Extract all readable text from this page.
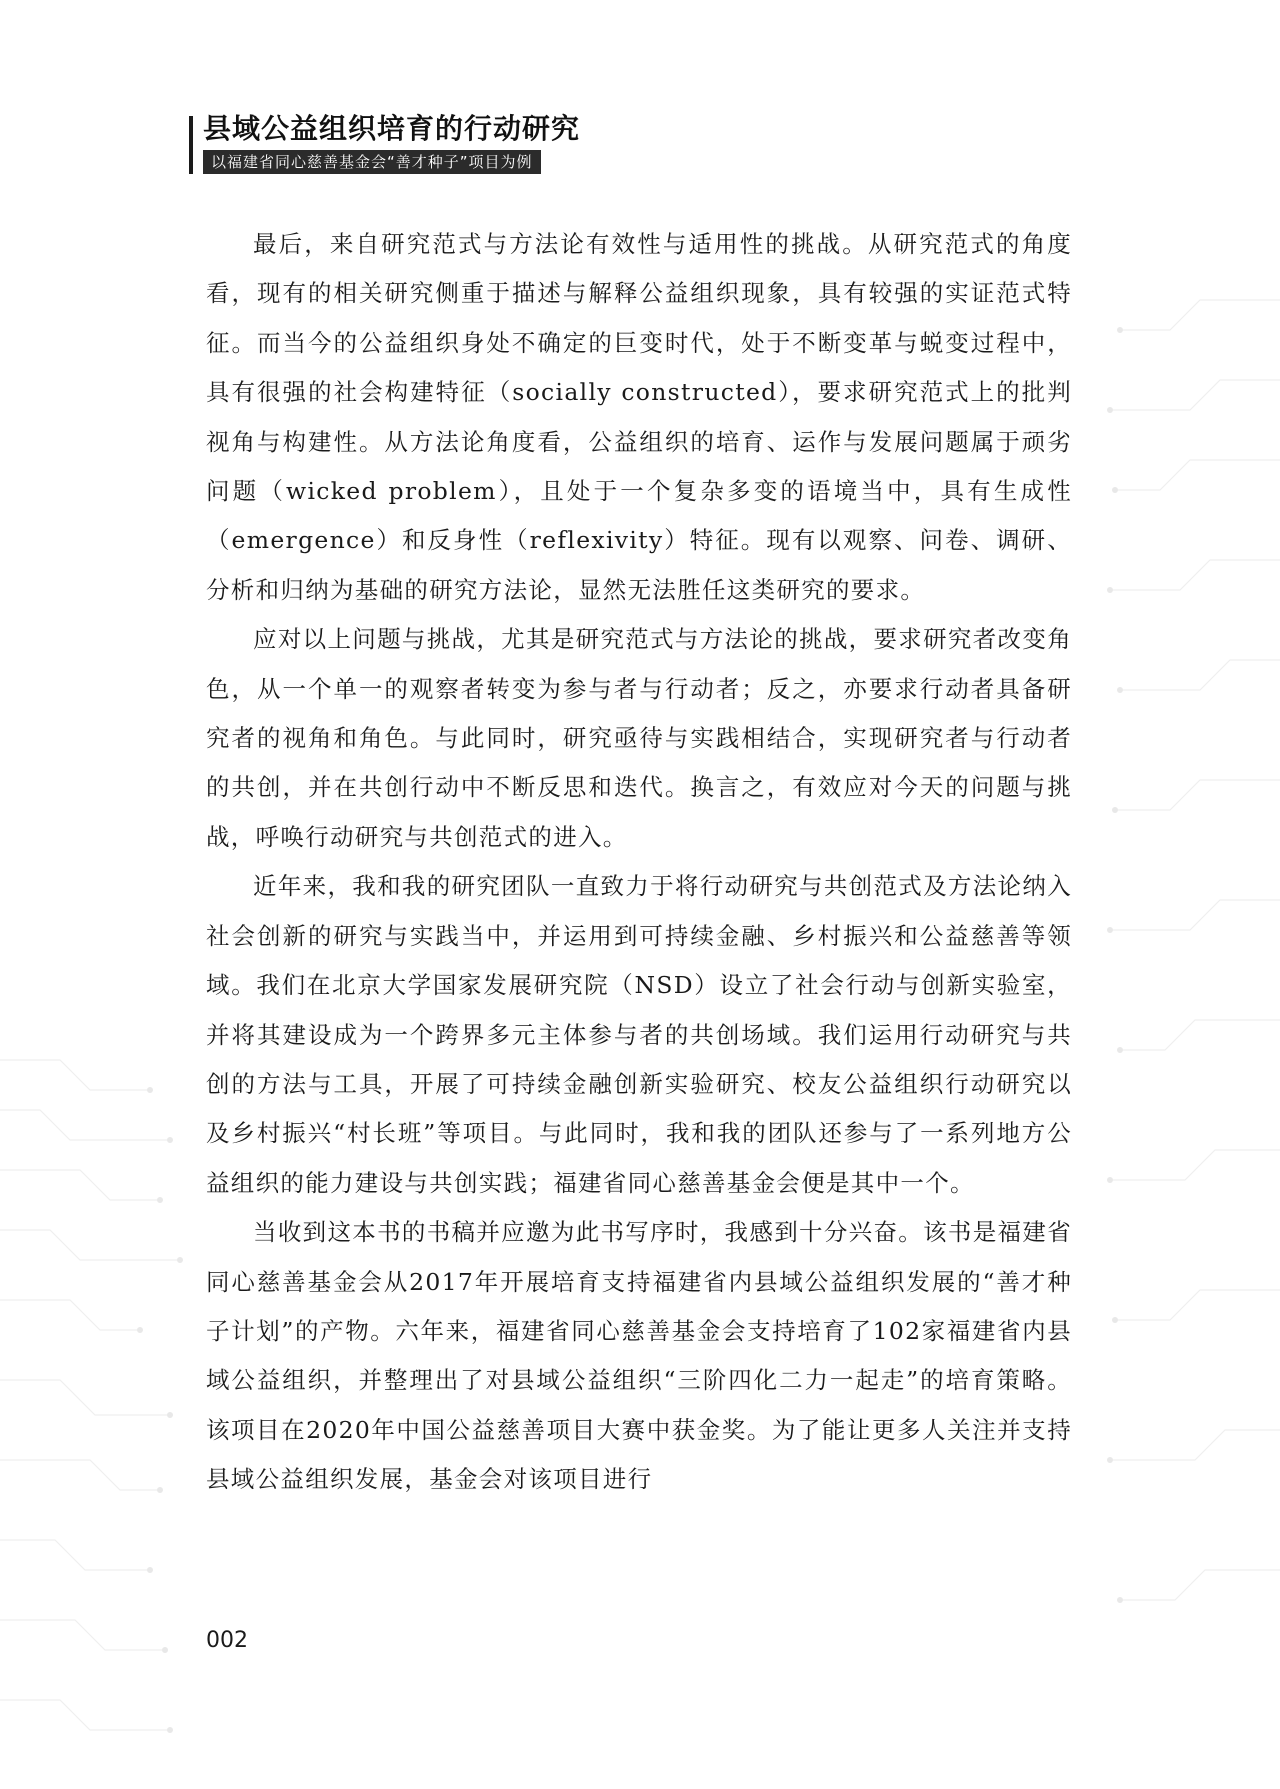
县域公益组织培育的行动研究
以福建省同心慈善基金会“善才种子”项目为例

最后，来自研究范式与方法论有效性与适用性的挑战。从研究范式的角度看，现有的相关研究侧重于描述与解释公益组织现象，具有较强的实证范式特征。而当今的公益组织身处不确定的巨变时代，处于不断变革与蜕变过程中，具有很强的社会构建特征（socially constructed），要求研究范式上的批判视角与构建性。从方法论角度看，公益组织的培育、运作与发展问题属于顽劣问题（wicked problem），且处于一个复杂多变的语境当中，具有生成性（emergence）和反身性（reflexivity）特征。现有以观察、问卷、调研、分析和归纳为基础的研究方法论，显然无法胜任这类研究的要求。

应对以上问题与挑战，尤其是研究范式与方法论的挑战，要求研究者改变角色，从一个单一的观察者转变为参与者与行动者；反之，亦要求行动者具备研究者的视角和角色。与此同时，研究亟待与实践相结合，实现研究者与行动者的共创，并在共创行动中不断反思和迭代。换言之，有效应对今天的问题与挑战，呼唤行动研究与共创范式的进入。

近年来，我和我的研究团队一直致力于将行动研究与共创范式及方法论纳入社会创新的研究与实践当中，并运用到可持续金融、乡村振兴和公益慈善等领域。我们在北京大学国家发展研究院（NSD）设立了社会行动与创新实验室，并将其建设成为一个跨界多元主体参与者的共创场域。我们运用行动研究与共创的方法与工具，开展了可持续金融创新实验研究、校友公益组织行动研究以及乡村振兴“村长班”等项目。与此同时，我和我的团队还参与了一系列地方公益组织的能力建设与共创实践；福建省同心慈善基金会便是其中一个。

当收到这本书的书稿并应邀为此书写序时，我感到十分兴奋。该书是福建省同心慈善基金会从2017年开展培育支持福建省内县域公益组织发展的“善才种子计划”的产物。六年来，福建省同心慈善基金会支持培育了102家福建省内县域公益组织，并整理出了对县域公益组织“三阶四化二力一起走”的培育策略。该项目在2020年中国公益慈善项目大赛中获金奖。为了能让更多人关注并支持县域公益组织发展，基金会对该项目进行

002
